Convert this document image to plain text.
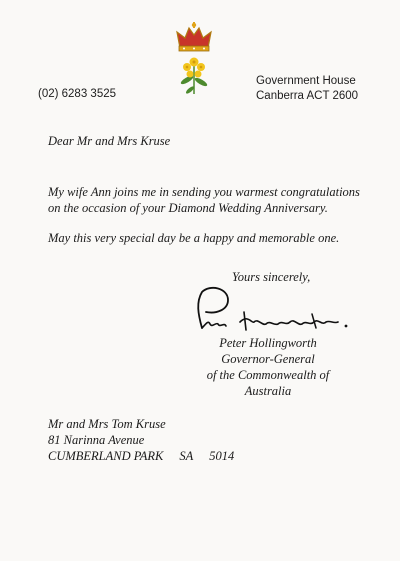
(02) 6283 3525
Government House
Canberra ACT 2600
Dear Mr and Mrs Kruse
My wife Ann joins me in sending you warmest congratulations
on the occasion of your Diamond Wedding Anniversary.
May this very special day be a happy and memorable one.
Yours sincerely,
Peter Hollingworth
Governor-General
of the Commonwealth of Australia
Mr and Mrs Tom Kruse
81 Narinna Avenue
CUMBERLAND PARK SA 5014
